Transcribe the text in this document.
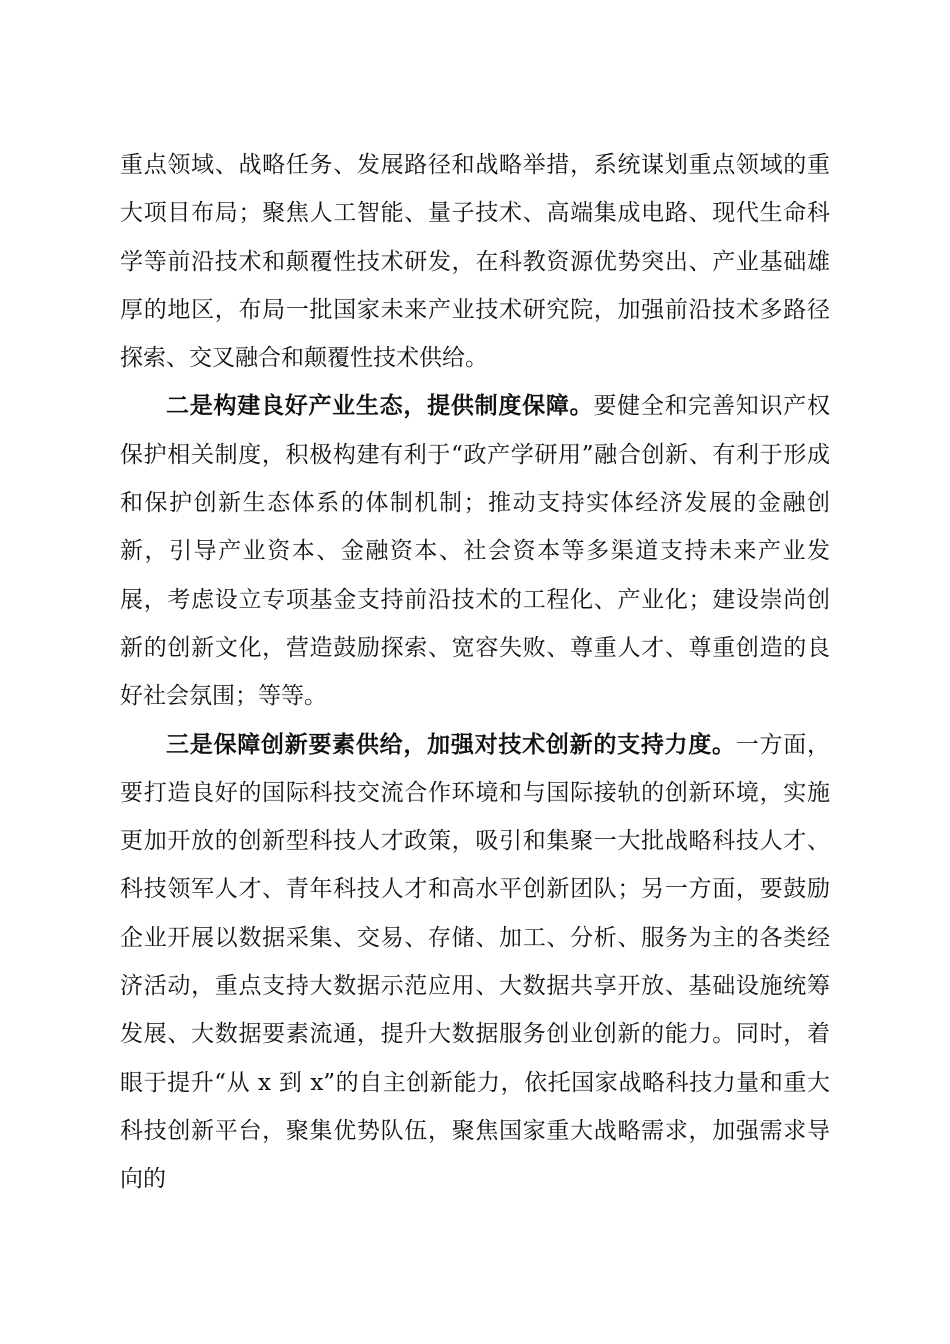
重点领域、战略任务、发展路径和战略举措，系统谋划重点领域的重大项目布局；聚焦人工智能、量子技术、高端集成电路、现代生命科学等前沿技术和颠覆性技术研发，在科教资源优势突出、产业基础雄厚的地区，布局一批国家未来产业技术研究院，加强前沿技术多路径探索、交叉融合和颠覆性技术供给。

二是构建良好产业生态，提供制度保障。要健全和完善知识产权保护相关制度，积极构建有利于“政产学研用”融合创新、有利于形成和保护创新生态体系的体制机制；推动支持实体经济发展的金融创新，引导产业资本、金融资本、社会资本等多渠道支持未来产业发展，考虑设立专项基金支持前沿技术的工程化、产业化；建设崇尚创新的创新文化，营造鼓励探索、宽容失败、尊重人才、尊重创造的良好社会氛围；等等。

三是保障创新要素供给，加强对技术创新的支持力度。一方面，要打造良好的国际科技交流合作环境和与国际接轨的创新环境，实施更加开放的创新型科技人才政策，吸引和集聚一大批战略科技人才、科技领军人才、青年科技人才和高水平创新团队；另一方面，要鼓励企业开展以数据采集、交易、存储、加工、分析、服务为主的各类经济活动，重点支持大数据示范应用、大数据共享开放、基础设施统筹发展、大数据要素流通，提升大数据服务创业创新的能力。同时，着眼于提升“从 x 到 x”的自主创新能力，依托国家战略科技力量和重大科技创新平台，聚集优势队伍，聚焦国家重大战略需求，加强需求导向的
